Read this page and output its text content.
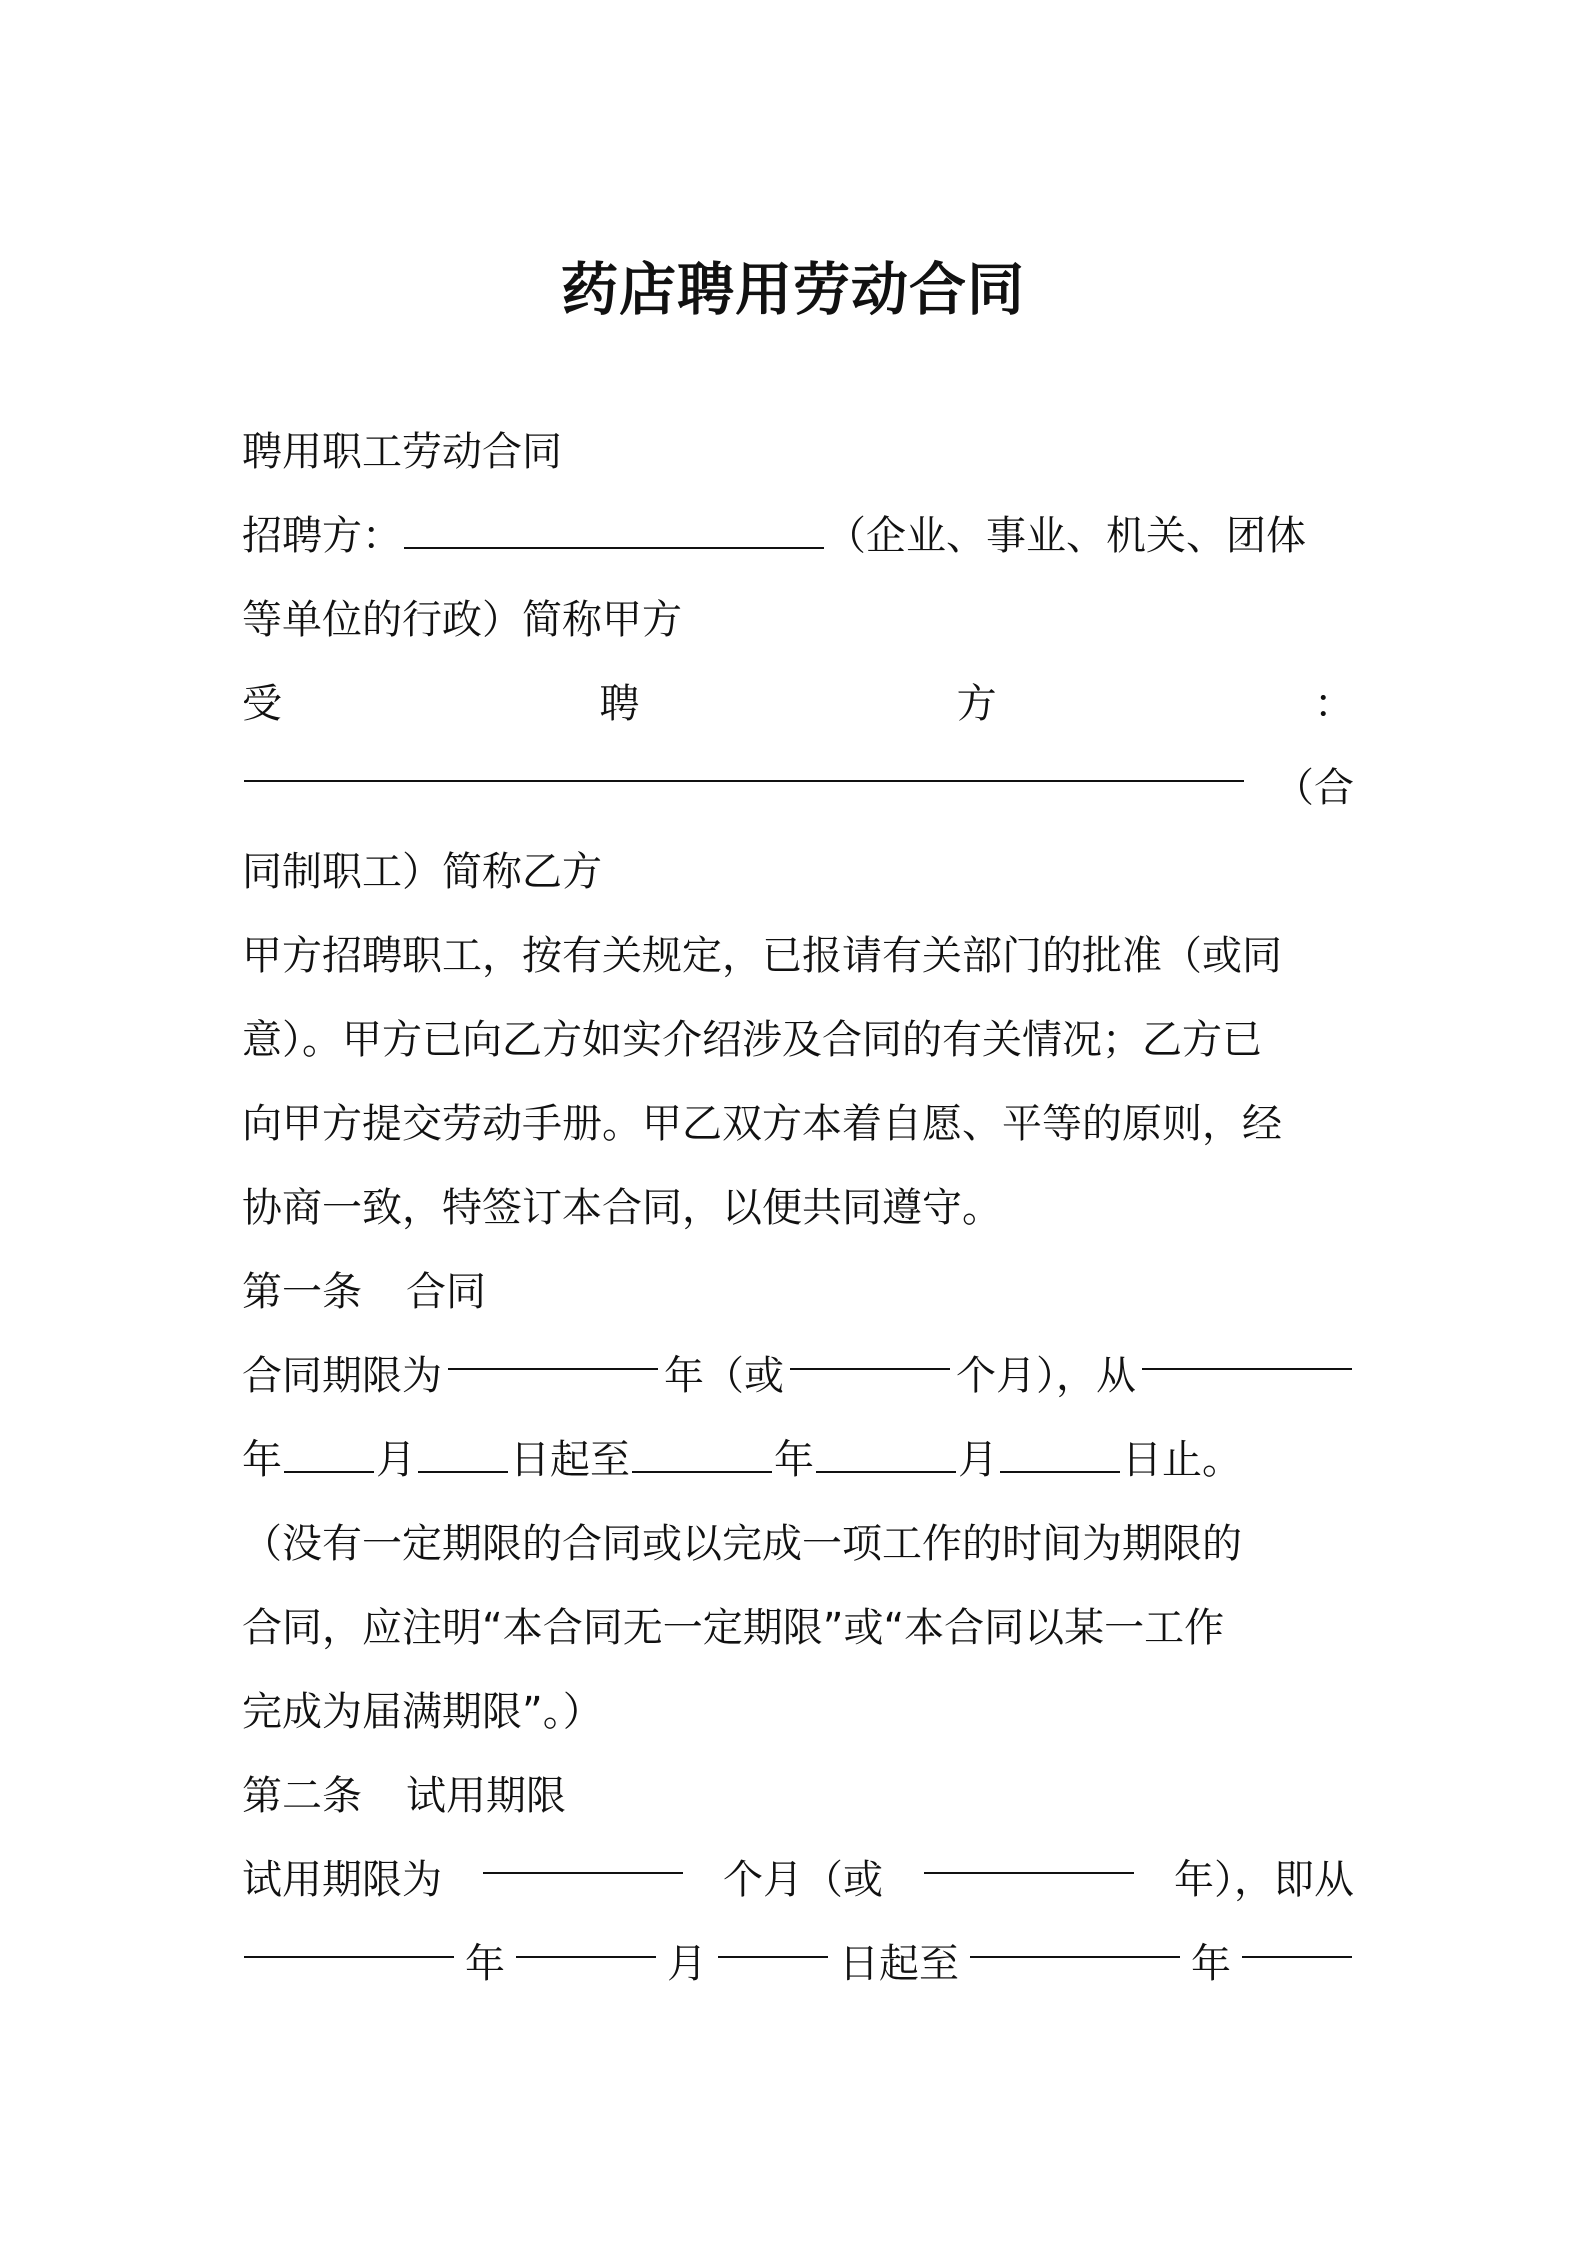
药店聘用劳动合同
聘用职工劳动合同
招聘方：	（企业、事业、机关、团体
等单位的行政）简称甲方
受	聘	方	：
（合
同制职工）简称乙方
甲方招聘职工，按有关规定，已报请有关部门的批准（或同
意）。甲方已向乙方如实介绍涉及合同的有关情况；乙方已
向甲方提交劳动手册。甲乙双方本着自愿、平等的原则，经
协商一致，特签订本合同，以便共同遵守。
第一条 合同
合同期限为	年（或	个月），从
年 月 日起至	年	月	日止。
（没有一定期限的合同或以完成一项工作的时间为期限的
合同，应注明“本合同无一定期限”或“本合同以某一工作
完成为届满期限”。）
第二条 试用期限
试用期限为	个月（或	年），即从
年	月	日起至	年
